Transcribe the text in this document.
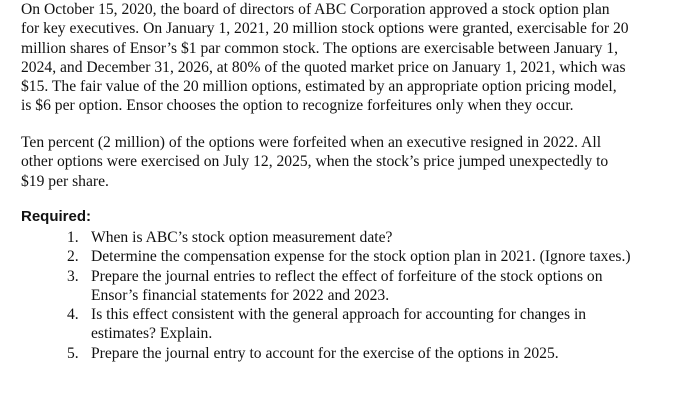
On October 15, 2020, the board of directors of ABC Corporation approved a stock option plan
for key executives. On January 1, 2021, 20 million stock options were granted, exercisable for 20
million shares of Ensor’s $1 par common stock. The options are exercisable between January 1,
2024, and December 31, 2026, at 80% of the quoted market price on January 1, 2021, which was
$15. The fair value of the 20 million options, estimated by an appropriate option pricing model,
is $6 per option. Ensor chooses the option to recognize forfeitures only when they occur.

Ten percent (2 million) of the options were forfeited when an executive resigned in 2022. All
other options were exercised on July 12, 2025, when the stock’s price jumped unexpectedly to
$19 per share.

Required:
1. When is ABC’s stock option measurement date?
2. Determine the compensation expense for the stock option plan in 2021. (Ignore taxes.)
3. Prepare the journal entries to reflect the effect of forfeiture of the stock options on
Ensor’s financial statements for 2022 and 2023.
4. Is this effect consistent with the general approach for accounting for changes in
estimates? Explain.
5. Prepare the journal entry to account for the exercise of the options in 2025.
